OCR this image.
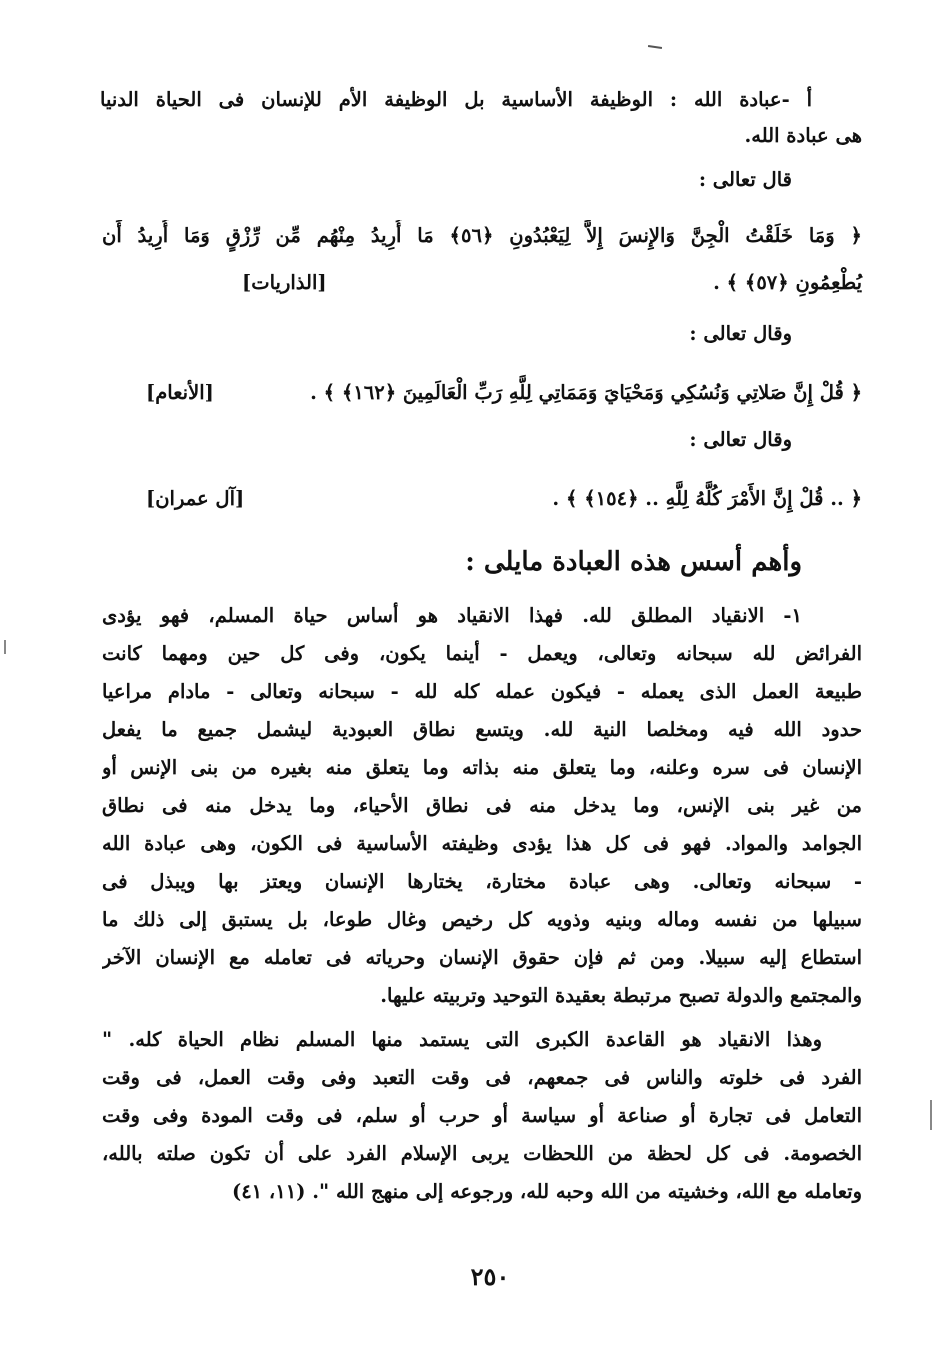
أ -عبادة الله : الوظيفة الأساسية بل الوظيفة الأم للإنسان فى الحياة الدنيا
هى عبادة الله.
قال تعالى :
﴿ وَمَا خَلَقْتُ الْجِنَّ وَالإِنسَ إِلاَّ لِيَعْبُدُونِ ﴿٥٦﴾ مَا أُرِيدُ مِنْهُم مِّن رِّزْقٍ وَمَا أُرِيدُ أَن
يُطْعِمُونِ ﴿٥٧﴾ ﴾ .
[الذاريات]
وقال تعالى :
﴿ قُلْ إِنَّ صَلاتِي وَنُسُكِي وَمَحْيَايَ وَمَمَاتِي لِلَّهِ رَبِّ الْعَالَمِينَ ﴿١٦٢﴾ ﴾ .
[الأنعام]
وقال تعالى :
﴿ .. قُلْ إِنَّ الأَمْرَ كُلَّهُ لِلَّهِ .. ﴿١٥٤﴾ ﴾ .
[آل عمران]
وأهم أسس هذه العبادة مايلى :
١- الانقياد المطلق لله. فهذا الانقياد هو أساس حياة المسلم، فهو يؤدى
الفرائض لله سبحانه وتعالى، ويعمل - أينما يكون، وفى كل حين ومهما كانت
طبيعة العمل الذى يعمله - فيكون عمله كله لله - سبحانه وتعالى - مادام مراعيا
حدود الله فيه ومخلصا النية لله. ويتسع نطاق العبودية ليشمل جميع ما يفعل
الإنسان فى سره وعلنه، وما يتعلق منه بذاته وما يتعلق منه بغيره من بنى الإنس أو
من غير بنى الإنس، وما يدخل منه فى نطاق الأحياء، وما يدخل منه فى نطاق
الجوامد والمواد. فهو فى كل هذا يؤدى وظيفته الأساسية فى الكون، وهى عبادة الله
- سبحانه وتعالى. وهى عبادة مختارة، يختارها الإنسان ويعتز بها ويبذل فى
سبيلها من نفسه وماله وبنيه وذويه كل رخيص وغال طوعا، بل يستبق إلى ذلك ما
استطاع إليه سبيلا. ومن ثم فإن حقوق الإنسان وحرياته فى تعامله مع الإنسان الآخر
والمجتمع والدولة تصبح مرتبطة بعقيدة التوحيد وتربيته عليها.
وهذا الانقياد هو القاعدة الكبرى التى يستمد منها المسلم نظام الحياة كله. "
الفرد فى خلوته والناس فى جمعهم، فى وقت التعبد وفى وقت العمل، فى وقت
التعامل فى تجارة أو صناعة أو سياسة أو حرب أو سلم، فى وقت المودة وفى وقت
الخصومة. فى كل لحظة من اللحظات يربى الإسلام الفرد على أن تكون صلته بالله،
وتعامله مع الله، وخشيته من الله وحبه لله، ورجوعه إلى منهج الله ". (١١، ٤١)
٢٥٠
